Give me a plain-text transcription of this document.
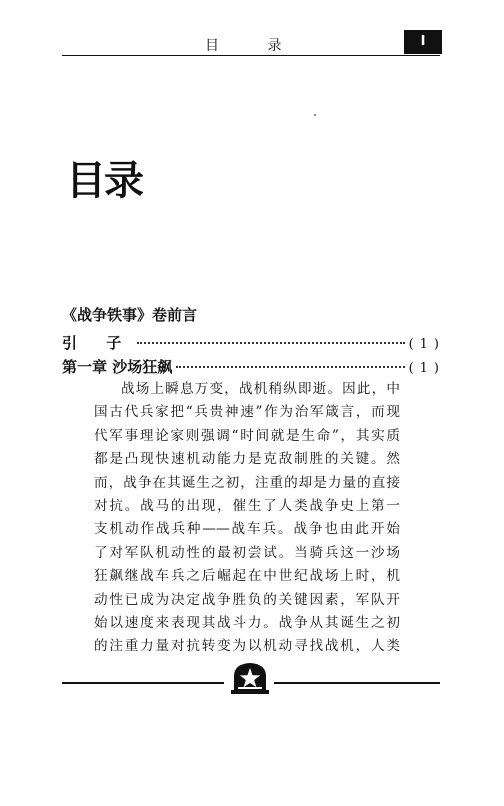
目 录	I
目录
《战争铁事》卷前言
引 子	(1)
第一章 沙场狂飙	(1)
战场上瞬息万变，战机稍纵即逝。因此，中
国古代兵家把“兵贵神速”作为治军箴言，而现
代军事理论家则强调“时间就是生命”，其实质
都是凸现快速机动能力是克敌制胜的关键。然
而，战争在其诞生之初，注重的却是力量的直接
对抗。战马的出现，催生了人类战争史上第一
支机动作战兵种——战车兵。战争也由此开始
了对军队机动性的最初尝试。当骑兵这一沙场
狂飙继战车兵之后崛起在中世纪战场上时，机
动性已成为决定战争胜负的关键因素，军队开
始以速度来表现其战斗力。战争从其诞生之初
的注重力量对抗转变为以机动寻找战机，人类
